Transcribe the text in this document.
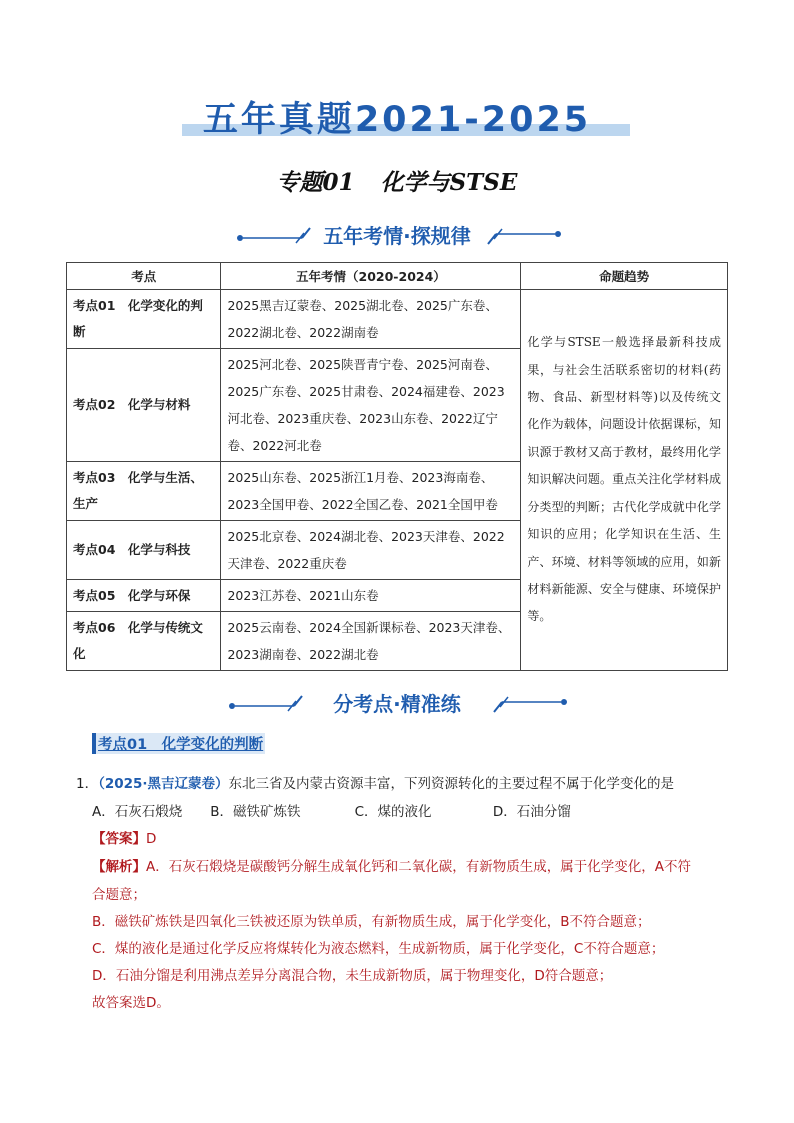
五年真题2021-2025
专题01 化学与STSE
五年考情·探规律
考点	五年考情（2020-2024）	命题趋势
考点01　化学变化的判断	2025黑吉辽蒙卷、2025湖北卷、2025广东卷、2022湖北卷、2022湖南卷	化学与STSE一般选择最新科技成果，与社会生活联系密切的材料(药物、食品、新型材料等)以及传统文化作为载体，问题设计依据课标，知识源于教材又高于教材，最终用化学知识解决问题。重点关注化学材料成分类型的判断；古代化学成就中化学知识的应用；化学知识在生活、生产、环境、材料等领域的应用，如新材料新能源、安全与健康、环境保护等。
考点02　化学与材料	2025河北卷、2025陕晋青宁卷、2025河南卷、2025广东卷、2025甘肃卷、2024福建卷、2023河北卷、2023重庆卷、2023山东卷、2022辽宁卷、2022河北卷	
考点03　化学与生活、生产	2025山东卷、2025浙江1月卷、2023海南卷、2023全国甲卷、2022全国乙卷、2021全国甲卷	
考点04　化学与科技	2025北京卷、2024湖北卷、2023天津卷、2022天津卷、2022重庆卷	
考点05　化学与环保	2023江苏卷、2021山东卷	
考点06　化学与传统文化	2025云南卷、2024全国新课标卷、2023天津卷、2023湖南卷、2022湖北卷	
分考点·精准练
考点01　化学变化的判断
1．（2025·黑吉辽蒙卷）东北三省及内蒙古资源丰富，下列资源转化的主要过程不属于化学变化的是
A．石灰石煅烧 B．磁铁矿炼铁	C．煤的液化	D．石油分馏
【答案】D
【解析】A．石灰石煅烧是碳酸钙分解生成氧化钙和二氧化碳，有新物质生成，属于化学变化，A不符
合题意；
B．磁铁矿炼铁是四氧化三铁被还原为铁单质，有新物质生成，属于化学变化，B不符合题意；
C．煤的液化是通过化学反应将煤转化为液态燃料，生成新物质，属于化学变化，C不符合题意；
D．石油分馏是利用沸点差异分离混合物，未生成新物质，属于物理变化，D符合题意；
故答案选D。
